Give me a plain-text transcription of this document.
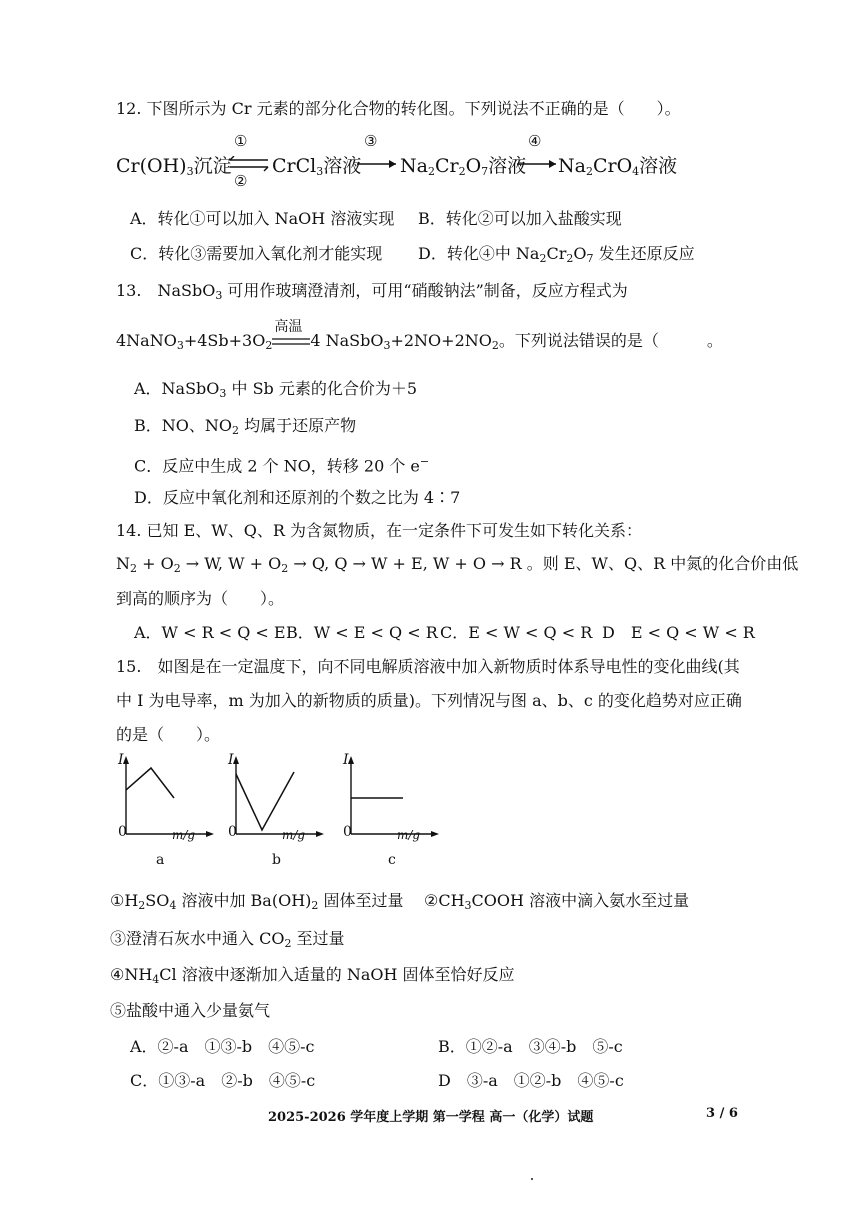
12. 下图所示为 Cr 元素的部分化合物的转化图。下列说法不正确的是（　　）。
$Cr(OH)_3$沉淀
①
②
CrCl$_3$溶液
③
$Na_2Cr_2O_7$溶液
④
$Na_2CrO_4$溶液
A．转化①可以加入 NaOH 溶液实现 B．转化②可以加入盐酸实现
C．转化③需要加入氧化剂才能实现 D．转化④中 $Na_2Cr_2O_7$ 发生还原反应
13.　NaSbO$_3$ 可用作玻璃澄清剂，可用“硝酸钠法”制备，反应方程式为
$4NaNO_3+4Sb+3O_2$
高温
4 $NaSbO_3+2NO+2NO_2$。下列说法错误的是（　　　。
A．NaSbO$_3$ 中 Sb 元素的化合价为＋5
B．NO、$NO_2$ 均属于还原产物
C．反应中生成 2 个 NO，转移 20 个 e−
D．反应中氧化剂和还原剂的个数之比为 4∶7
14. 已知 E、W、Q、R 为含氮物质，在一定条件下可发生如下转化关系：
$N_2 + O_2 \to W$, $W + O_2 \to Q$, Q → W + E, W + O → R 。则 E、W、Q、R 中氮的化合价由低
到高的顺序为（　　）。
A．W < R < Q < E B．W < E < Q < R C．E < W < Q < R D　E < Q < W < R
15.　如图是在一定温度下，向不同电解质溶液中加入新物质时体系导电性的变化曲线(其
中 I 为电导率，m 为加入的新物质的质量)。下列情况与图 a、b、c 的变化趋势对应正确
的是（　　）。
I
0	m/g
a
I
0	m/g
b
I
0	m/g
c
$①H_2SO_4$ 溶液中加 $Ba(OH)_2$ 固体至过量 $②CH_3COOH$ 溶液中滴入氨水至过量
③澄清石灰水中通入 $CO_2$ 至过量
$④NH_4Cl$ 溶液中逐渐加入适量的 NaOH 固体至恰好反应
⑤盐酸中通入少量氨气
A．②-a　①③-b　④⑤-c	B．①②-a　③④-b　⑤-c
C．①③-a　②-b　④⑤-c	D　③-a　①②-b　④⑤-c
2025-2026 学年度上学期 第一学程 高一（化学）试题	3 / 6
